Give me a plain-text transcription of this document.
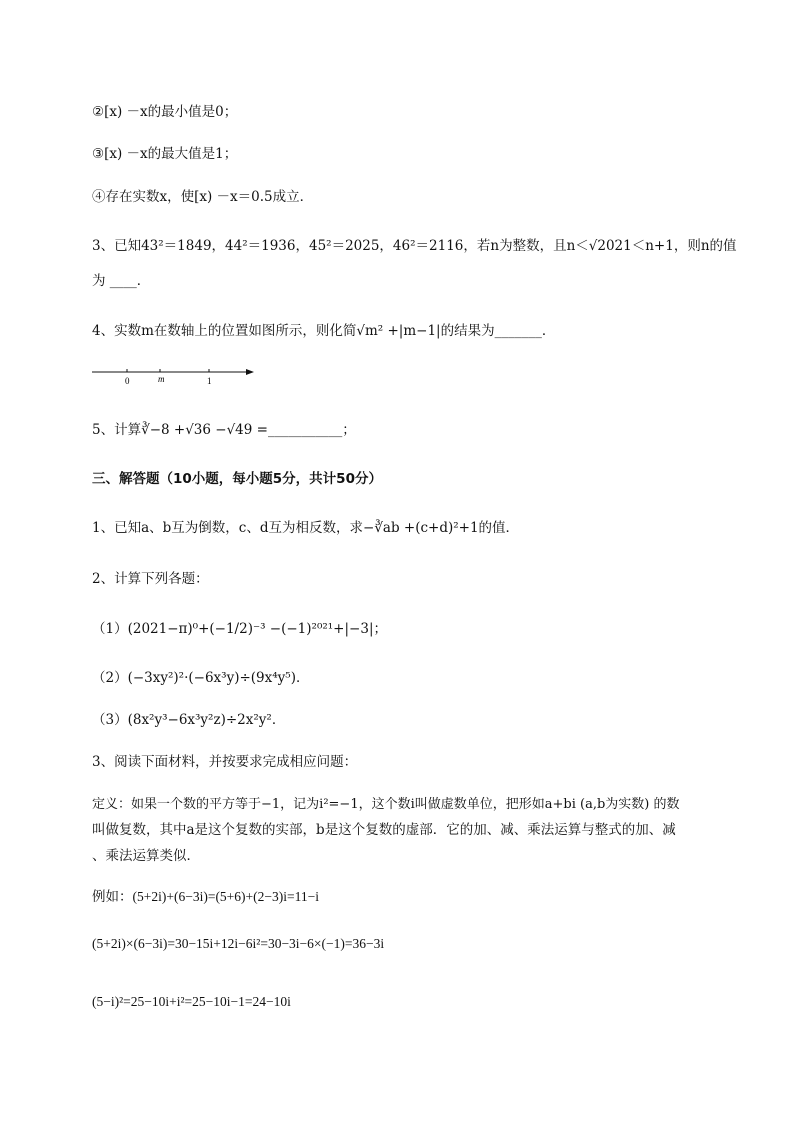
②[x) －x的最小值是0；
③[x) －x的最大值是1；
④存在实数x，使[x) －x＝0.5成立．
3、已知43²＝1849，44²＝1936，45²＝2025，46²＝2116，若n为整数，且n＜√2021＜n+1，则n的值
为 ____．
4、实数m在数轴上的位置如图所示，则化简√m² +|m−1|的结果为_______．
0	m	1
5、计算∛−8 +√36 −√49 =___________；
三、解答题（10小题，每小题5分，共计50分）
1、已知a、b互为倒数，c、d互为相反数，求−∛ab +(c+d)²+1的值．
2、计算下列各题：
（1）(2021−π)⁰+(−1/2)⁻³ −(−1)²⁰²¹+|−3|；
（2）(−3xy²)²·(−6x³y)÷(9x⁴y⁵)．
（3）(8x²y³−6x³y²z)÷2x²y²．
3、阅读下面材料，并按要求完成相应问题：
定义：如果一个数的平方等于−1，记为i²=−1，这个数i叫做虚数单位，把形如a+bi (a,b为实数) 的数
叫做复数，其中a是这个复数的实部，b是这个复数的虚部．它的加、减、乘法运算与整式的加、减
、乘法运算类似．
例如：(5+2i)+(6−3i)=(5+6)+(2−3)i=11−i
(5+2i)×(6−3i)=30−15i+12i−6i²=30−3i−6×(−1)=36−3i
(5−i)²=25−10i+i²=25−10i−1=24−10i
